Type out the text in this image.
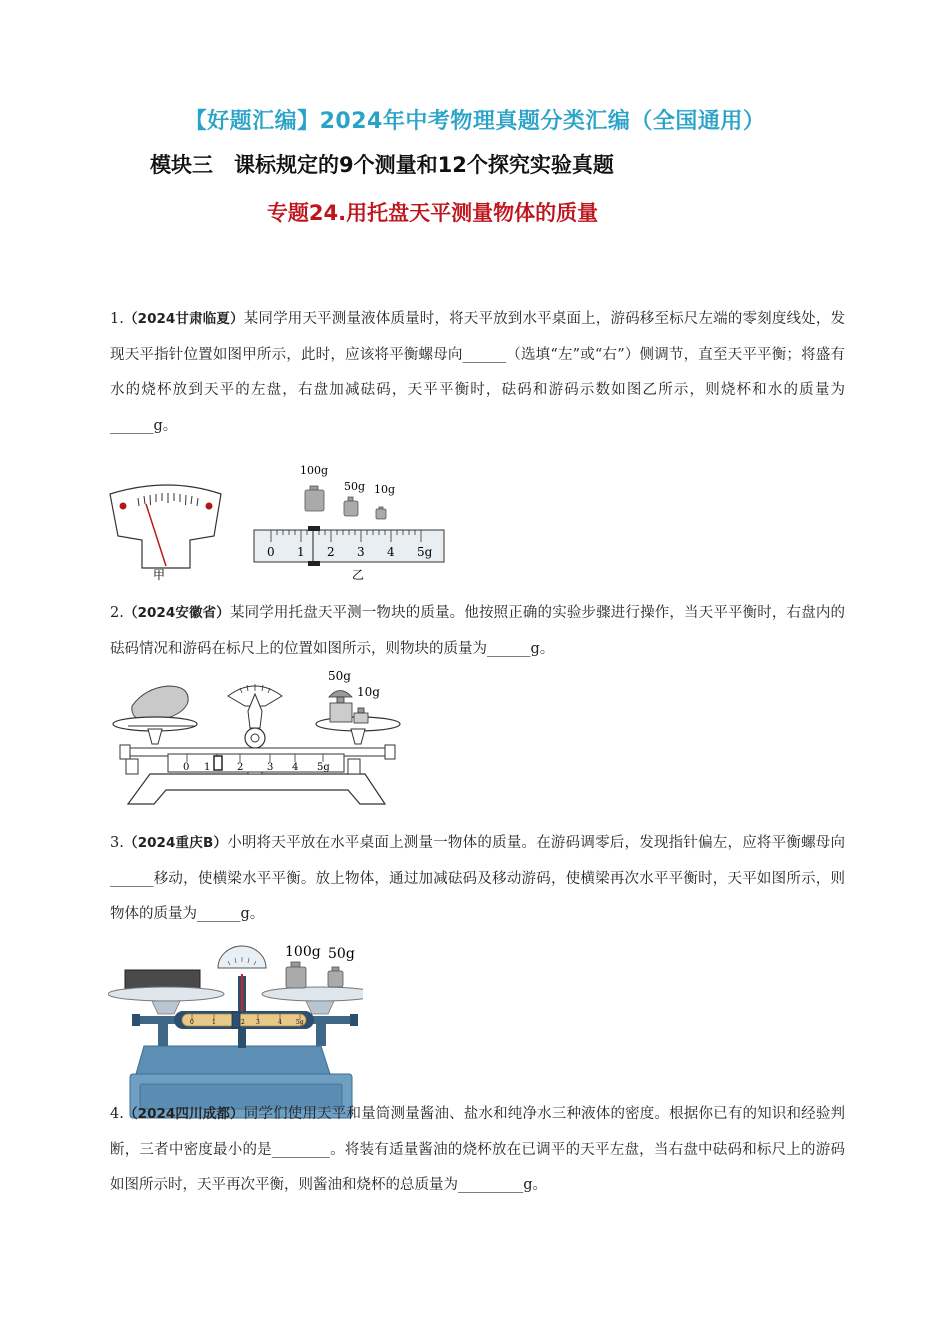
【好题汇编】2024年中考物理真题分类汇编（全国通用）
模块三　课标规定的9个测量和12个探究实验真题
专题24.用托盘天平测量物体的质量
1.（2024甘肃临夏）某同学用天平测量液体质量时，将天平放到水平桌面上，游码移至标尺左端的零刻度线处，发现天平指针位置如图甲所示，此时，应该将平衡螺母向______（选填“左”或“右”）侧调节，直至天平平衡；将盛有水的烧杯放到天平的左盘，右盘加减砝码，天平平衡时，砝码和游码示数如图乙所示，则烧杯和水的质量为______g。
甲
100g
50g 10g
0 1 2 3 4 5g
乙
2.（2024安徽省）某同学用托盘天平测一物块的质量。他按照正确的实验步骤进行操作，当天平平衡时，右盘内的砝码情况和游码在标尺上的位置如图所示，则物块的质量为______g。
50g
10g
0 1	2 3 4 5g
3.（2024重庆B）小明将天平放在水平桌面上测量一物体的质量。在游码调零后，发现指针偏左，应将平衡螺母向______移动，使横梁水平平衡。放上物体，通过加减砝码及移动游码，使横梁再次水平平衡时，天平如图所示，则物体的质量为______g。
100g 50g
0	1	2 3	4 5g
4.（2024四川成都）同学们使用天平和量筒测量酱油、盐水和纯净水三种液体的密度。根据你已有的知识和经验判断，三者中密度最小的是________。将装有适量酱油的烧杯放在已调平的天平左盘，当右盘中砝码和标尺上的游码如图所示时，天平再次平衡，则酱油和烧杯的总质量为_________g。
